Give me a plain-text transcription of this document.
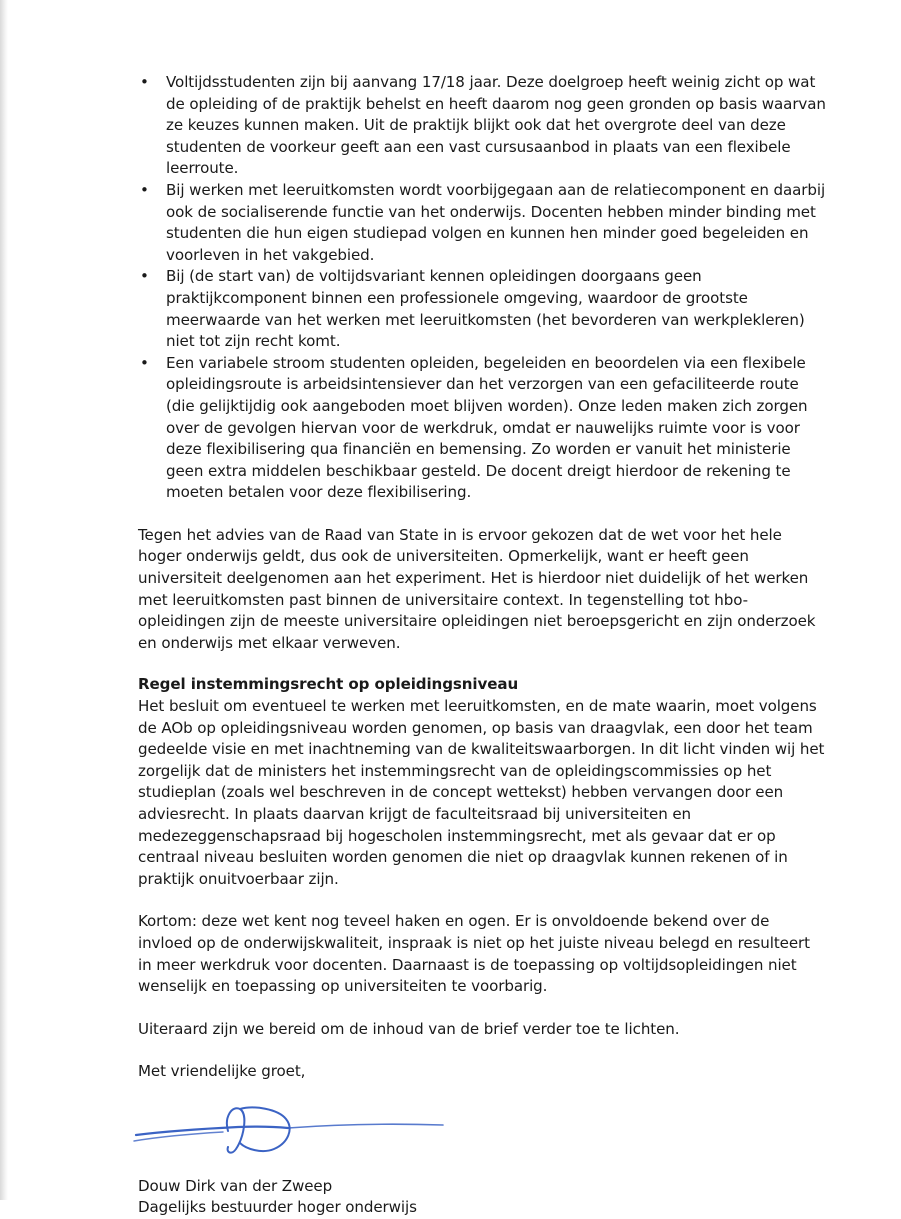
• Voltijdsstudenten zijn bij aanvang 17/18 jaar. Deze doelgroep heeft weinig zicht op wat de opleiding of de praktijk behelst en heeft daarom nog geen gronden op basis waarvan ze keuzes kunnen maken. Uit de praktijk blijkt ook dat het overgrote deel van deze studenten de voorkeur geeft aan een vast cursusaanbod in plaats van een flexibele leerroute.
• Bij werken met leeruitkomsten wordt voorbijgegaan aan de relatiecomponent en daarbij ook de socialiserende functie van het onderwijs. Docenten hebben minder binding met studenten die hun eigen studiepad volgen en kunnen hen minder goed begeleiden en voorleven in het vakgebied.
• Bij (de start van) de voltijdsvariant kennen opleidingen doorgaans geen praktijkcomponent binnen een professionele omgeving, waardoor de grootste meerwaarde van het werken met leeruitkomsten (het bevorderen van werkplekleren) niet tot zijn recht komt.
• Een variabele stroom studenten opleiden, begeleiden en beoordelen via een flexibele opleidingsroute is arbeidsintensiever dan het verzorgen van een gefaciliteerde route (die gelijktijdig ook aangeboden moet blijven worden). Onze leden maken zich zorgen over de gevolgen hiervan voor de werkdruk, omdat er nauwelijks ruimte voor is voor deze flexibilisering qua financiën en bemensing. Zo worden er vanuit het ministerie geen extra middelen beschikbaar gesteld. De docent dreigt hierdoor de rekening te moeten betalen voor deze flexibilisering.

Tegen het advies van de Raad van State in is ervoor gekozen dat de wet voor het hele hoger onderwijs geldt, dus ook de universiteiten. Opmerkelijk, want er heeft geen universiteit deelgenomen aan het experiment. Het is hierdoor niet duidelijk of het werken met leeruitkomsten past binnen de universitaire context. In tegenstelling tot hbo-opleidingen zijn de meeste universitaire opleidingen niet beroepsgericht en zijn onderzoek en onderwijs met elkaar verweven.

Regel instemmingsrecht op opleidingsniveau

Het besluit om eventueel te werken met leeruitkomsten, en de mate waarin, moet volgens de AOb op opleidingsniveau worden genomen, op basis van draagvlak, een door het team gedeelde visie en met inachtneming van de kwaliteitswaarborgen. In dit licht vinden wij het zorgelijk dat de ministers het instemmingsrecht van de opleidingscommissies op het studieplan (zoals wel beschreven in de concept wettekst) hebben vervangen door een adviesrecht. In plaats daarvan krijgt de faculteitsraad bij universiteiten en medezeggenschapsraad bij hogescholen instemmingsrecht, met als gevaar dat er op centraal niveau besluiten worden genomen die niet op draagvlak kunnen rekenen of in praktijk onuitvoerbaar zijn.

Kortom: deze wet kent nog teveel haken en ogen. Er is onvoldoende bekend over de invloed op de onderwijskwaliteit, inspraak is niet op het juiste niveau belegd en resulteert in meer werkdruk voor docenten. Daarnaast is de toepassing op voltijdsopleidingen niet wenselijk en toepassing op universiteiten te voorbarig.

Uiteraard zijn we bereid om de inhoud van de brief verder toe te lichten.

Met vriendelijke groet,

Douw Dirk van der Zweep

Dagelijks bestuurder hoger onderwijs
